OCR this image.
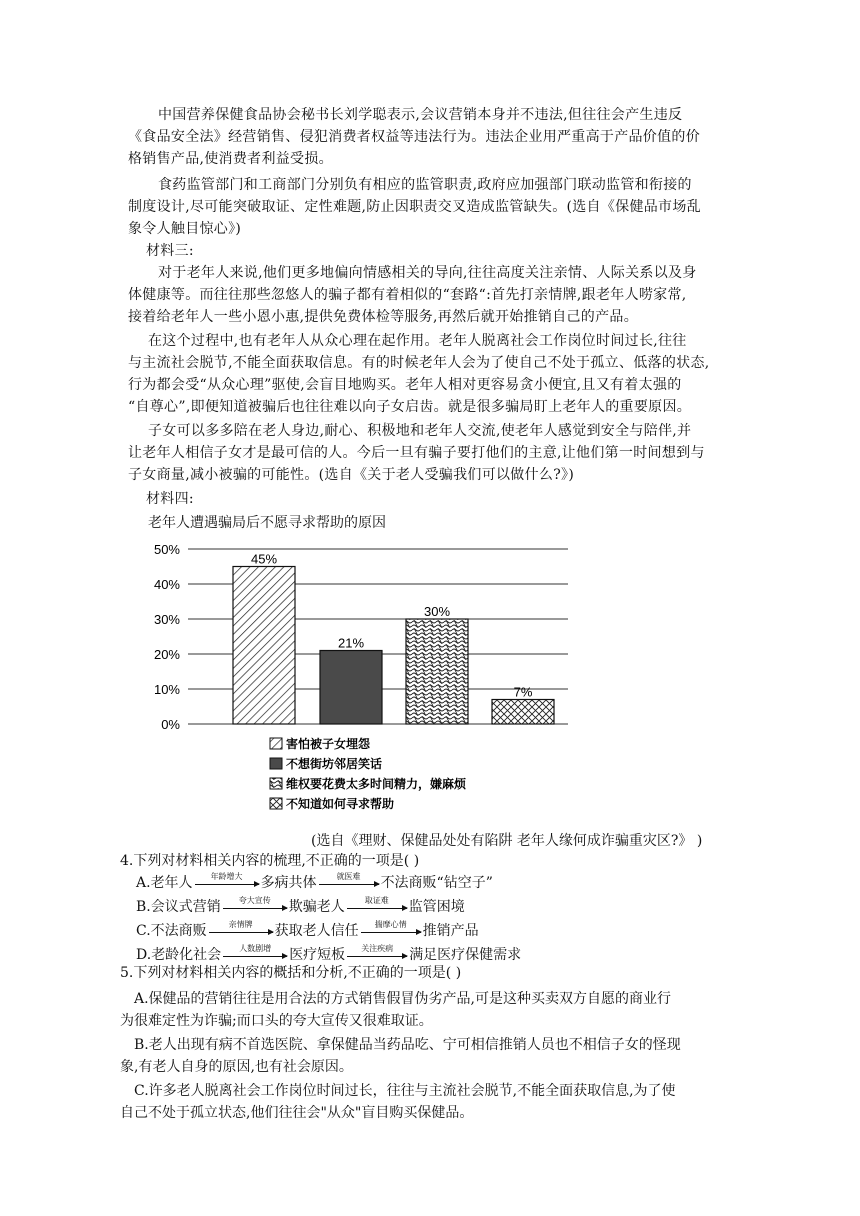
中国营养保健食品协会秘书长刘学聪表示,会议营销本身并不违法,但往往会产生违反
《食品安全法》经营销售、侵犯消费者权益等违法行为。违法企业用严重高于产品价值的价
格销售产品,使消费者利益受损。
食药监管部门和工商部门分别负有相应的监管职责,政府应加强部门联动监管和衔接的
制度设计,尽可能突破取证、定性难题,防止因职责交叉造成监管缺失。(选自《保健品市场乱
象令人触目惊心》)
材料三:
对于老年人来说,他们更多地偏向情感相关的导向,往往高度关注亲情、人际关系以及身
体健康等。而往往那些忽悠人的骗子都有着相似的“套路“:首先打亲情牌,跟老年人唠家常,
接着给老年人一些小恩小惠,提供免费体检等服务,再然后就开始推销自己的产品。
在这个过程中,也有老年人从众心理在起作用。老年人脱离社会工作岗位时间过长,往往
与主流社会脱节,不能全面获取信息。有的时候老年人会为了使自己不处于孤立、低落的状态,
行为都会受“从众心理”驱使,会盲目地购买。老年人相对更容易贪小便宜,且又有着太强的
“自尊心”,即便知道被骗后也往往难以向子女启齿。就是很多骗局盯上老年人的重要原因。
子女可以多多陪在老人身边,耐心、积极地和老年人交流,使老年人感觉到安全与陪伴,并
让老年人相信子女才是最可信的人。今后一旦有骗子要打他们的主意,让他们第一时间想到与
子女商量,减小被骗的可能性。(选自《关于老人受骗我们可以做什么?》)
材料四:
老年人遭遇骗局后不愿寻求帮助的原因
0%
10%
20%
30%
40%
50%
45%
21%
30%
7%
害怕被子女埋怨
不想街坊邻居笑话
维权要花费太多时间精力，嫌麻烦
不知道如何寻求帮助
(选自《理财、保健品处处有陷阱 老年人缘何成诈骗重灾区?》 )
4.下列对材料相关内容的梳理,不正确的一项是( )
A.老年人	年龄增大	多病共体	就医难	不法商贩“钻空子”
B.会议式营销	夸大宣传	欺骗老人	取证难	监管困境
C.不法商贩	亲情牌	获取老人信任	揣摩心情	推销产品
D.老龄化社会	人数剧增	医疗短板	关注疾病	满足医疗保健需求
5.下列对材料相关内容的概括和分析,不正确的一项是( )
A.保健品的营销往往是用合法的方式销售假冒伪劣产品,可是这种买卖双方自愿的商业行
为很难定性为诈骗;而口头的夸大宣传又很难取证。
B.老人出现有病不首选医院、拿保健品当药品吃、宁可相信推销人员也不相信子女的怪现
象,有老人自身的原因,也有社会原因。
C.许多老人脱离社会工作岗位时间过长，往往与主流社会脱节,不能全面获取信息,为了使
自己不处于孤立状态,他们往往会"从众"盲目购买保健品。
